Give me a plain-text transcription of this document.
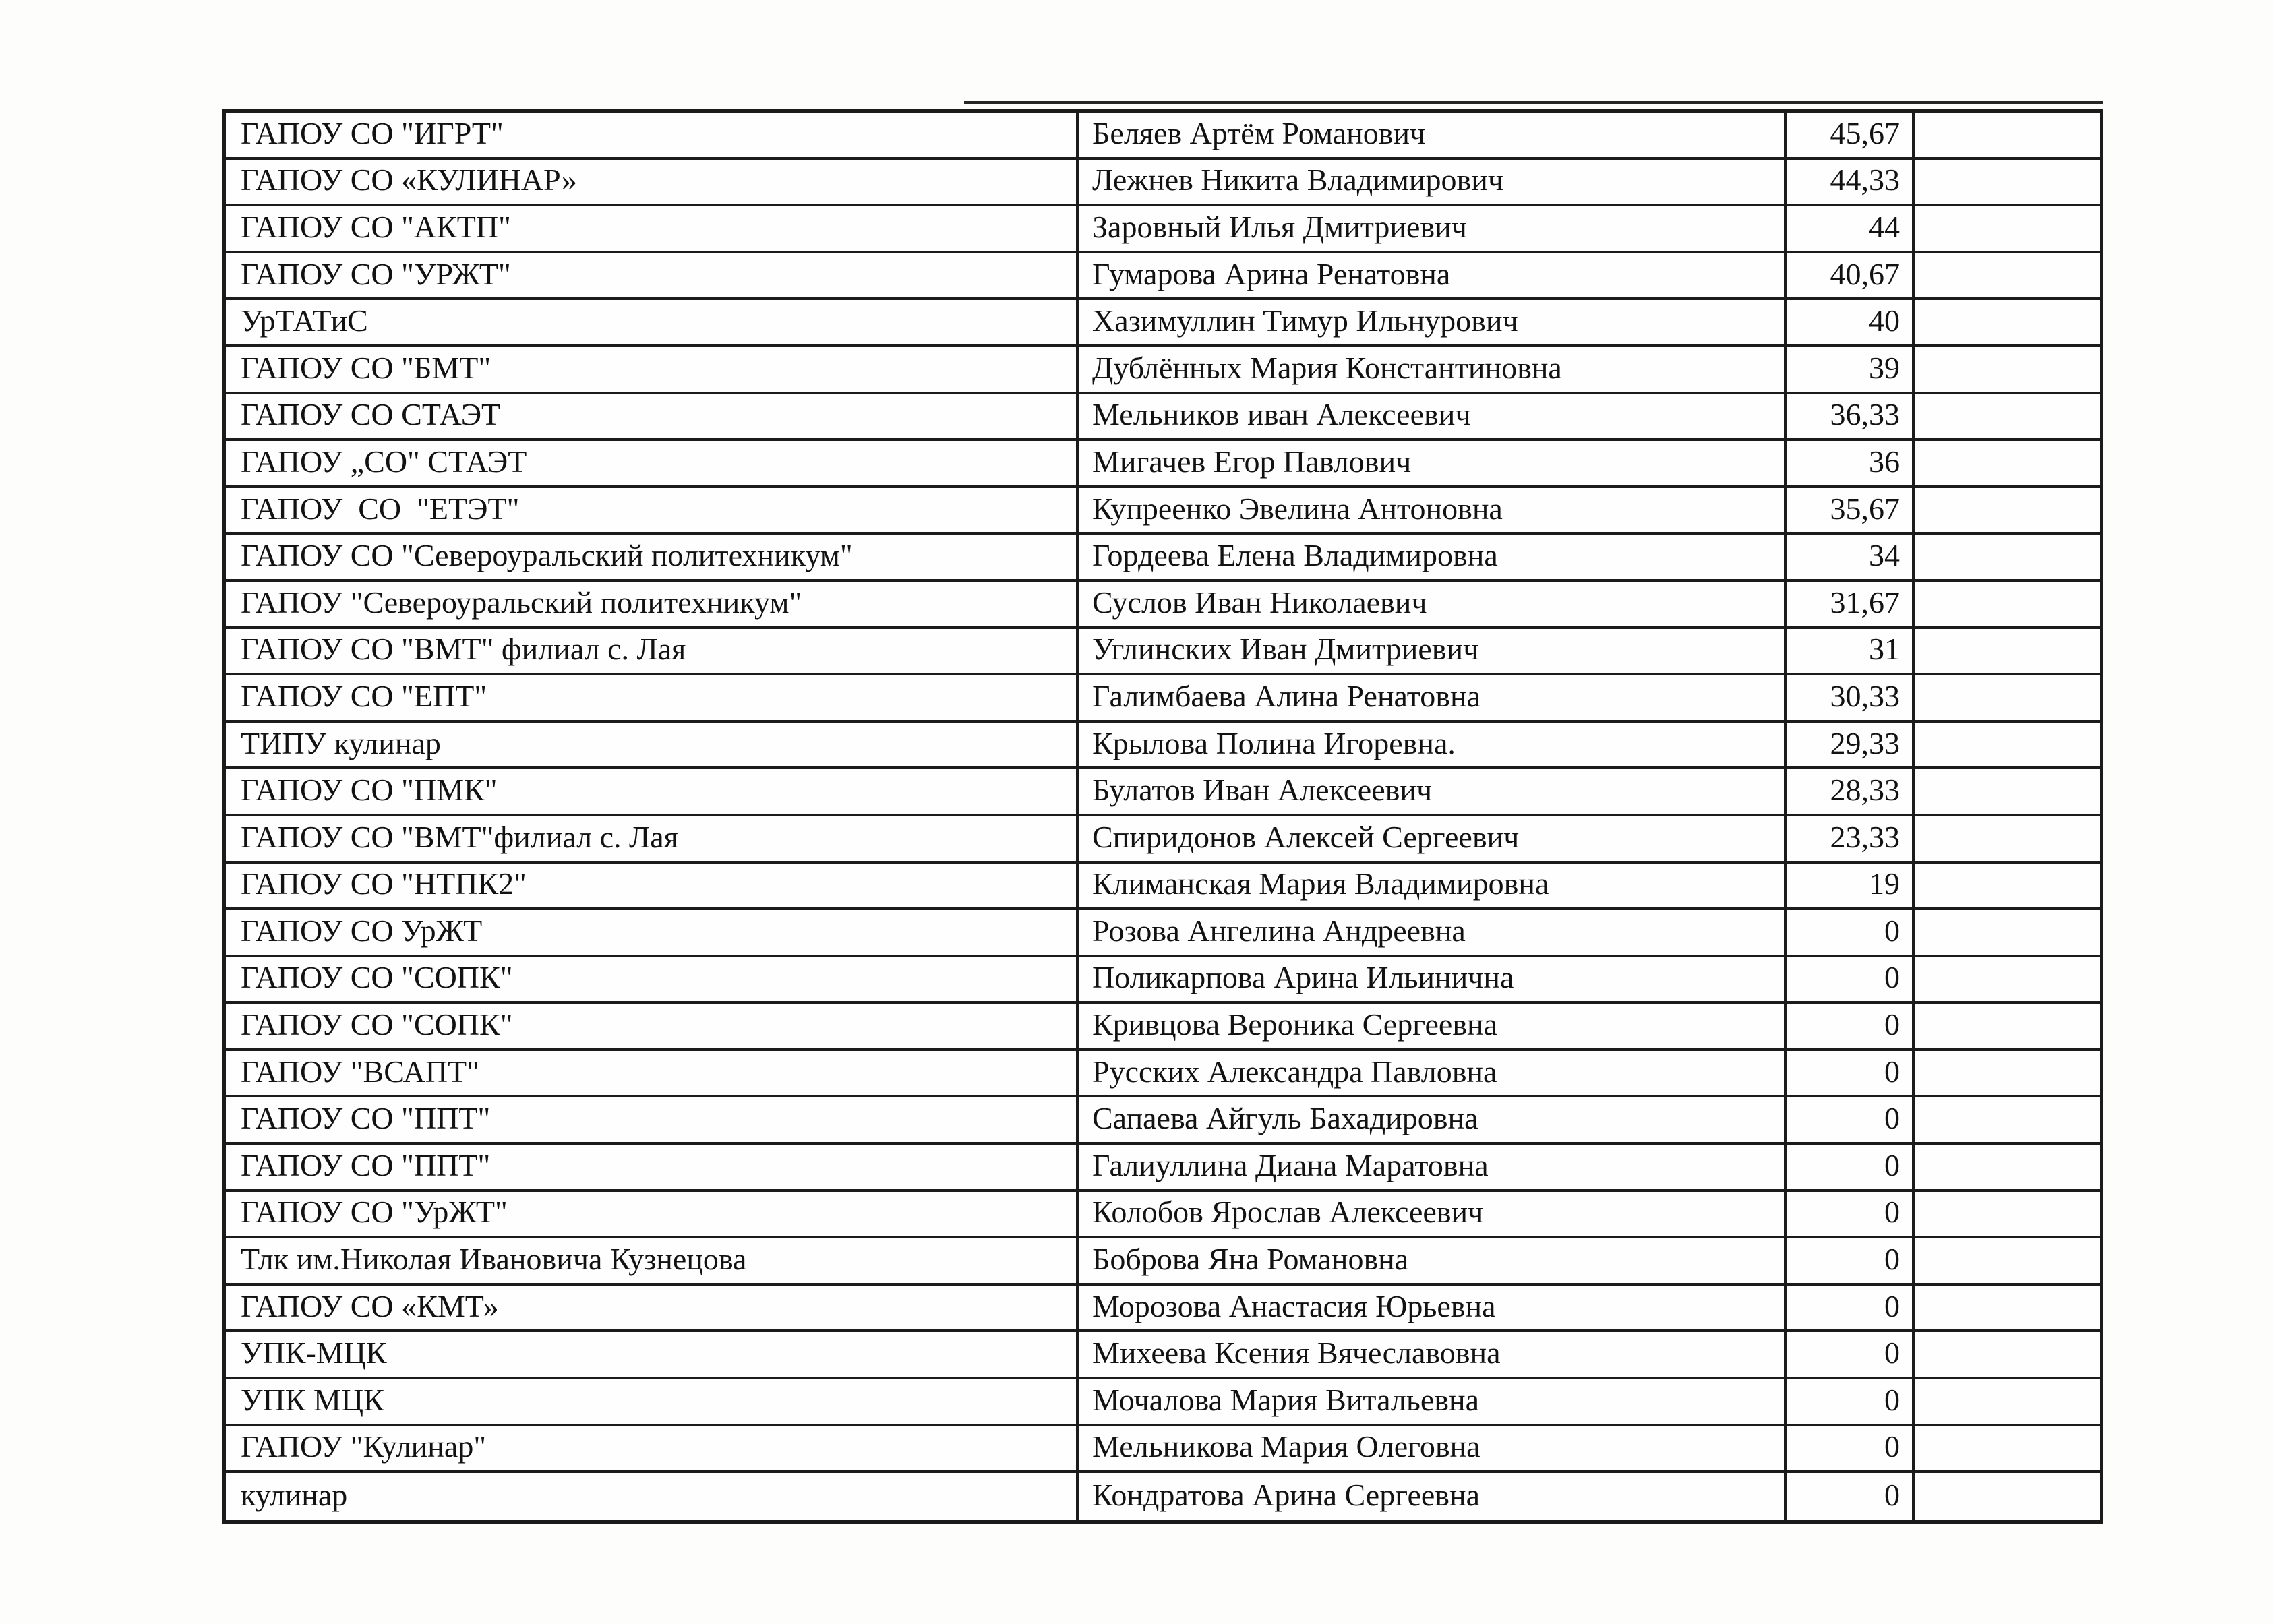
ГАПОУ СО "ИГРТ"	Беляев Артём Романович	45,67
ГАПОУ СО «КУЛИНАР»	Лежнев Никита Владимирович	44,33
ГАПОУ СО "АКТП"	Заровный Илья Дмитриевич	44
ГАПОУ СО "УРЖТ"	Гумарова Арина Ренатовна	40,67
УрТАТиС	Хазимуллин Тимур Ильнурович	40
ГАПОУ СО "БМТ"	Дублённых Мария Константиновна	39
ГАПОУ СО СТАЭТ	Мельников иван Алексеевич	36,33
ГАПОУ „СО" СТАЭТ	Мигачев Егор Павлович	36
ГАПОУ  СО  "ЕТЭТ"	Купреенко Эвелина Антоновна	35,67
ГАПОУ СО "Североуральский политехникум"	Гордеева Елена Владимировна	34
ГАПОУ "Североуральский политехникум"	Суслов Иван Николаевич	31,67
ГАПОУ СО "ВМТ" филиал с. Лая	Углинских Иван Дмитриевич	31
ГАПОУ СО "ЕПТ"	Галимбаева Алина Ренатовна	30,33
ТИПУ кулинар	Крылова Полина Игоревна.	29,33
ГАПОУ СО "ПМК"	Булатов Иван Алексеевич	28,33
ГАПОУ СО "ВМТ"филиал с. Лая	Спиридонов Алексей Сергеевич	23,33
ГАПОУ СО "НТПК2"	Климанская Мария Владимировна	19
ГАПОУ СО УрЖТ	Розова Ангелина Андреевна	0
ГАПОУ СО "СОПК"	Поликарпова Арина Ильинична	0
ГАПОУ СО "СОПК"	Кривцова Вероника Сергеевна	0
ГАПОУ "ВСАПТ"	Русских Александра Павловна	0
ГАПОУ СО "ППТ"	Сапаева Айгуль Бахадировна	0
ГАПОУ СО "ППТ"	Галиуллина Диана Маратовна	0
ГАПОУ СО "УрЖТ"	Колобов Ярослав Алексеевич	0
Тлк им.Николая Ивановича Кузнецова	Боброва Яна Романовна	0
ГАПОУ СО «КМТ»	Морозова Анастасия Юрьевна	0
УПК-МЦК	Михеева Ксения Вячеславовна	0
УПК МЦК	Мочалова Мария Витальевна	0
ГАПОУ "Кулинар"	Мельникова Мария Олеговна	0
кулинар	Кондратова Арина Сергеевна	0
